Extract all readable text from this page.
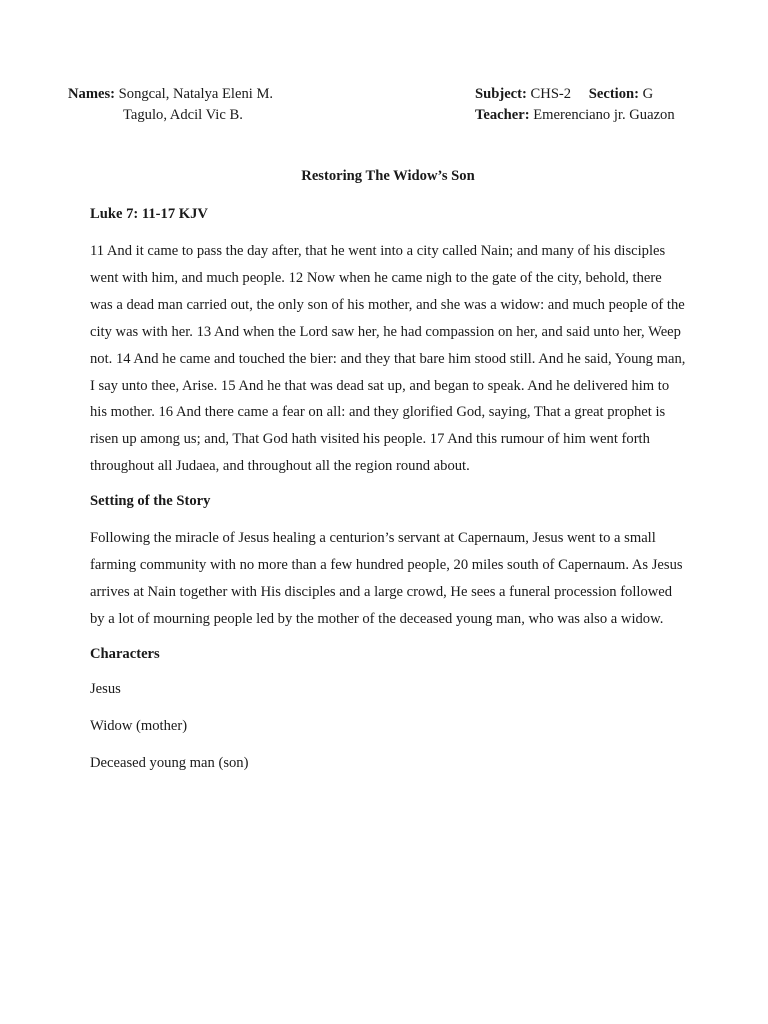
Names: Songcal, Natalya Eleni M.
Tagulo, Adcil Vic B.
Subject: CHS-2 Section: G
Teacher: Emerenciano jr. Guazon
Restoring The Widow’s Son
Luke 7: 11-17 KJV

11 And it came to pass the day after, that he went into a city called Nain; and many of his disciples went with him, and much people. 12 Now when he came nigh to the gate of the city, behold, there was a dead man carried out, the only son of his mother, and she was a widow: and much people of the city was with her. 13 And when the Lord saw her, he had compassion on her, and said unto her, Weep not. 14 And he came and touched the bier: and they that bare him stood still. And he said, Young man, I say unto thee, Arise. 15 And he that was dead sat up, and began to speak. And he delivered him to his mother. 16 And there came a fear on all: and they glorified God, saying, That a great prophet is risen up among us; and, That God hath visited his people. 17 And this rumour of him went forth throughout all Judaea, and throughout all the region round about.

Setting of the Story

Following the miracle of Jesus healing a centurion’s servant at Capernaum, Jesus went to a small farming community with no more than a few hundred people, 20 miles south of Capernaum. As Jesus arrives at Nain together with His disciples and a large crowd, He sees a funeral procession followed by a lot of mourning people led by the mother of the deceased young man, who was also a widow.

Characters

Jesus

Widow (mother)

Deceased young man (son)
